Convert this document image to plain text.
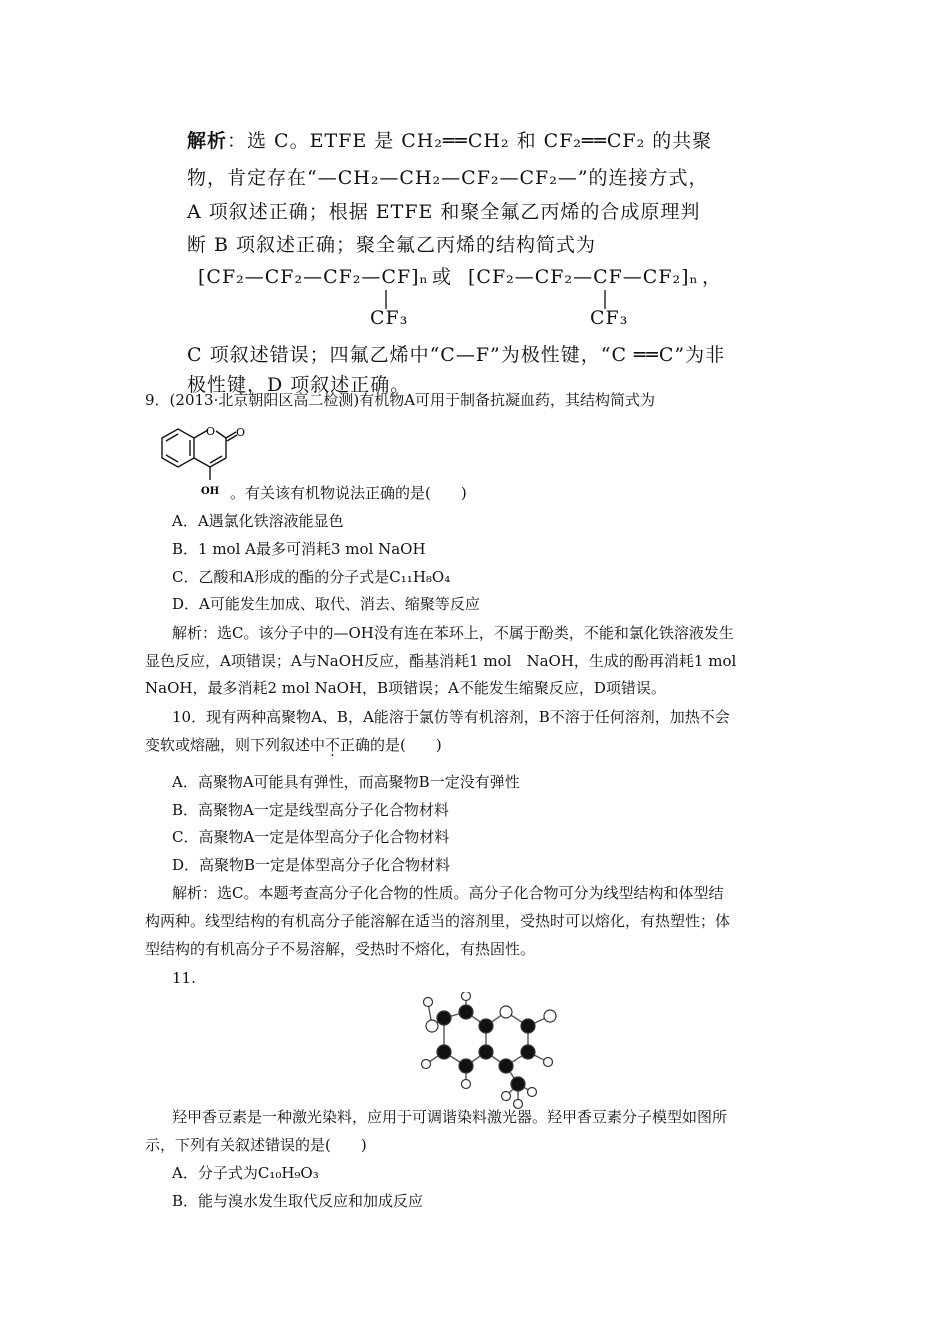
解析：选 C。ETFE 是 CH₂══CH₂ 和 CF₂══CF₂ 的共聚
物，肯定存在“—CH₂—CH₂—CF₂—CF₂—”的连接方式，
A 项叙述正确；根据 ETFE 和聚全氟乙丙烯的合成原理判
断 B 项叙述正确；聚全氟乙丙烯的结构简式为
[CF₂—CF₂—CF₂—CF]ₙ 或 [CF₂—CF₂—CF—CF₂]ₙ ，
CF₃	CF₃
C 项叙述错误；四氟乙烯中“C—F”为极性键，“C ══C”为非
极性键，D 项叙述正确。
9．(2013·北京朝阳区高二检测)有机物A可用于制备抗凝血药，其结构简式为
O O
OH 。有关该有机物说法正确的是(　　)
A．A遇氯化铁溶液能显色
B．1 mol A最多可消耗3 mol NaOH
C．乙酸和A形成的酯的分子式是C₁₁H₈O₄
D．A可能发生加成、取代、消去、缩聚等反应
解析：选C。该分子中的—OH没有连在苯环上，不属于酚类，不能和氯化铁溶液发生
显色反应，A项错误；A与NaOH反应，酯基消耗1 mol　NaOH，生成的酚再消耗1 mol
NaOH，最多消耗2 mol NaOH，B项错误；A不能发生缩聚反应，D项错误。
10．现有两种高聚物A、B，A能溶于氯仿等有机溶剂，B不溶于任何溶剂，加热不会
变软或熔融，则下列叙述中不正确的是(　　)
A．高聚物A可能具有弹性，而高聚物B一定没有弹性
B．高聚物A一定是线型高分子化合物材料
C．高聚物A一定是体型高分子化合物材料
D．高聚物B一定是体型高分子化合物材料
解析：选C。本题考查高分子化合物的性质。高分子化合物可分为线型结构和体型结
构两种。线型结构的有机高分子能溶解在适当的溶剂里，受热时可以熔化，有热塑性；体
型结构的有机高分子不易溶解，受热时不熔化，有热固性。
11.
羟甲香豆素是一种激光染料，应用于可调谐染料激光器。羟甲香豆素分子模型如图所
示，下列有关叙述错误的是(　　)
A．分子式为C₁₀H₉O₃
B．能与溴水发生取代反应和加成反应
